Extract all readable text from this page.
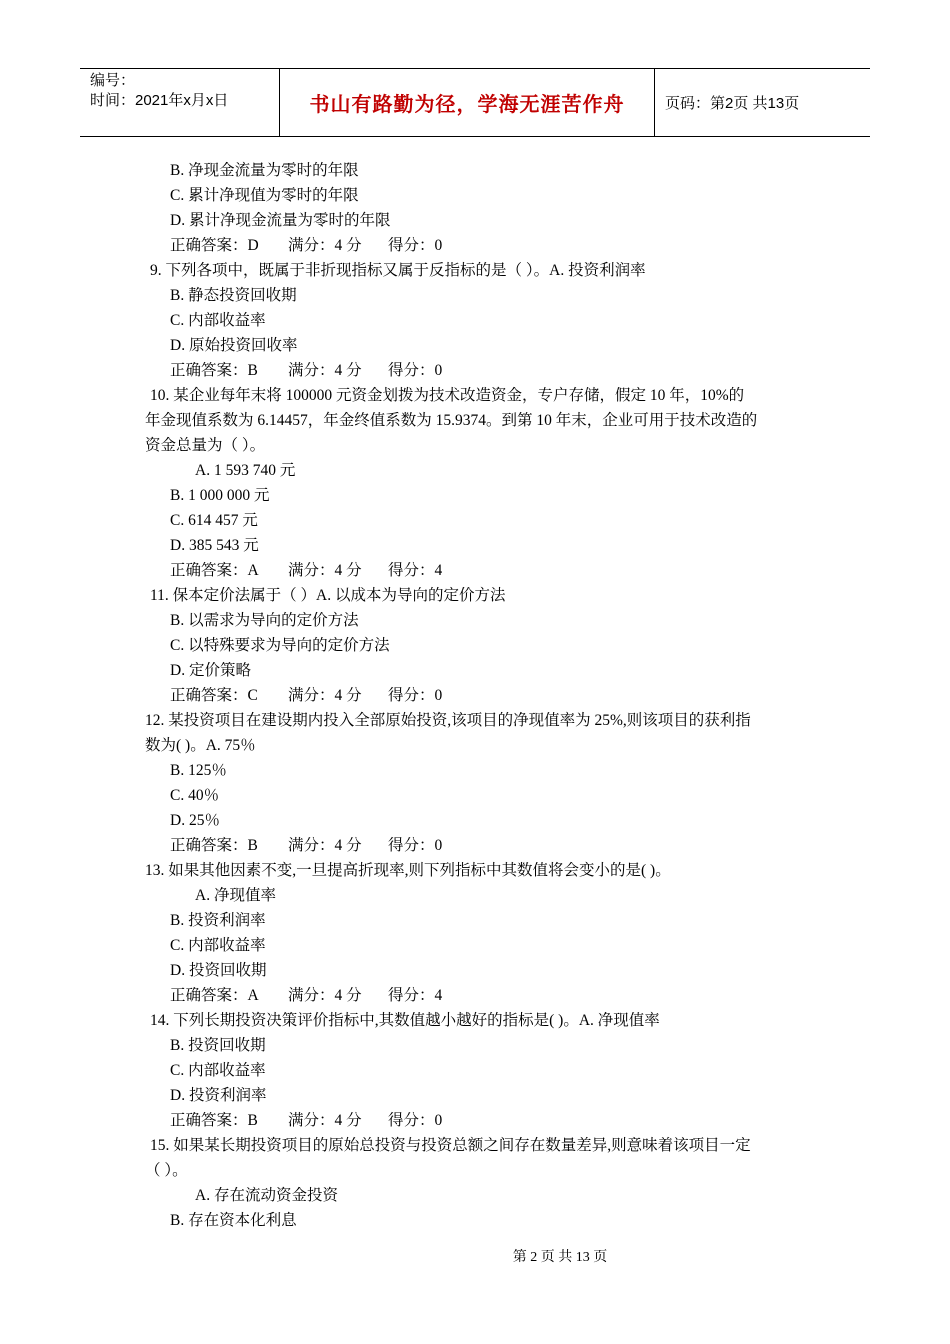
编号：
时间：2021年x月x日	书山有路勤为径，学海无涯苦作舟	页码：第2页 共13页
B. 净现金流量为零时的年限
C. 累计净现值为零时的年限
D. 累计净现金流量为零时的年限
正确答案：D 满分：4 分 得分：0
9. 下列各项中，既属于非折现指标又属于反指标的是（ ）。A. 投资利润率
B. 静态投资回收期
C. 内部收益率
D. 原始投资回收率
正确答案：B 满分：4 分 得分：0
10. 某企业每年末将 100000 元资金划拨为技术改造资金，专户存储，假定 10 年，10%的
年金现值系数为 6.14457，年金终值系数为 15.9374。到第 10 年末，企业可用于技术改造的
资金总量为（ ）。
A. 1 593 740 元
B. 1 000 000 元
C. 614 457 元
D. 385 543 元
正确答案：A 满分：4 分 得分：4
11. 保本定价法属于（ ）A. 以成本为导向的定价方法
B. 以需求为导向的定价方法
C. 以特殊要求为导向的定价方法
D. 定价策略
正确答案：C 满分：4 分 得分：0
12. 某投资项目在建设期内投入全部原始投资,该项目的净现值率为 25%,则该项目的获利指
数为( )。A. 75％
B. 125％
C. 40％
D. 25％
正确答案：B 满分：4 分 得分：0
13. 如果其他因素不变,一旦提高折现率,则下列指标中其数值将会变小的是( )。
A. 净现值率
B. 投资利润率
C. 内部收益率
D. 投资回收期
正确答案：A 满分：4 分 得分：4
14. 下列长期投资决策评价指标中,其数值越小越好的指标是( )。A. 净现值率
B. 投资回收期
C. 内部收益率
D. 投资利润率
正确答案：B 满分：4 分 得分：0
15. 如果某长期投资项目的原始总投资与投资总额之间存在数量差异,则意味着该项目一定
（ ）。
A. 存在流动资金投资
B. 存在资本化利息
第 2 页 共 13 页
